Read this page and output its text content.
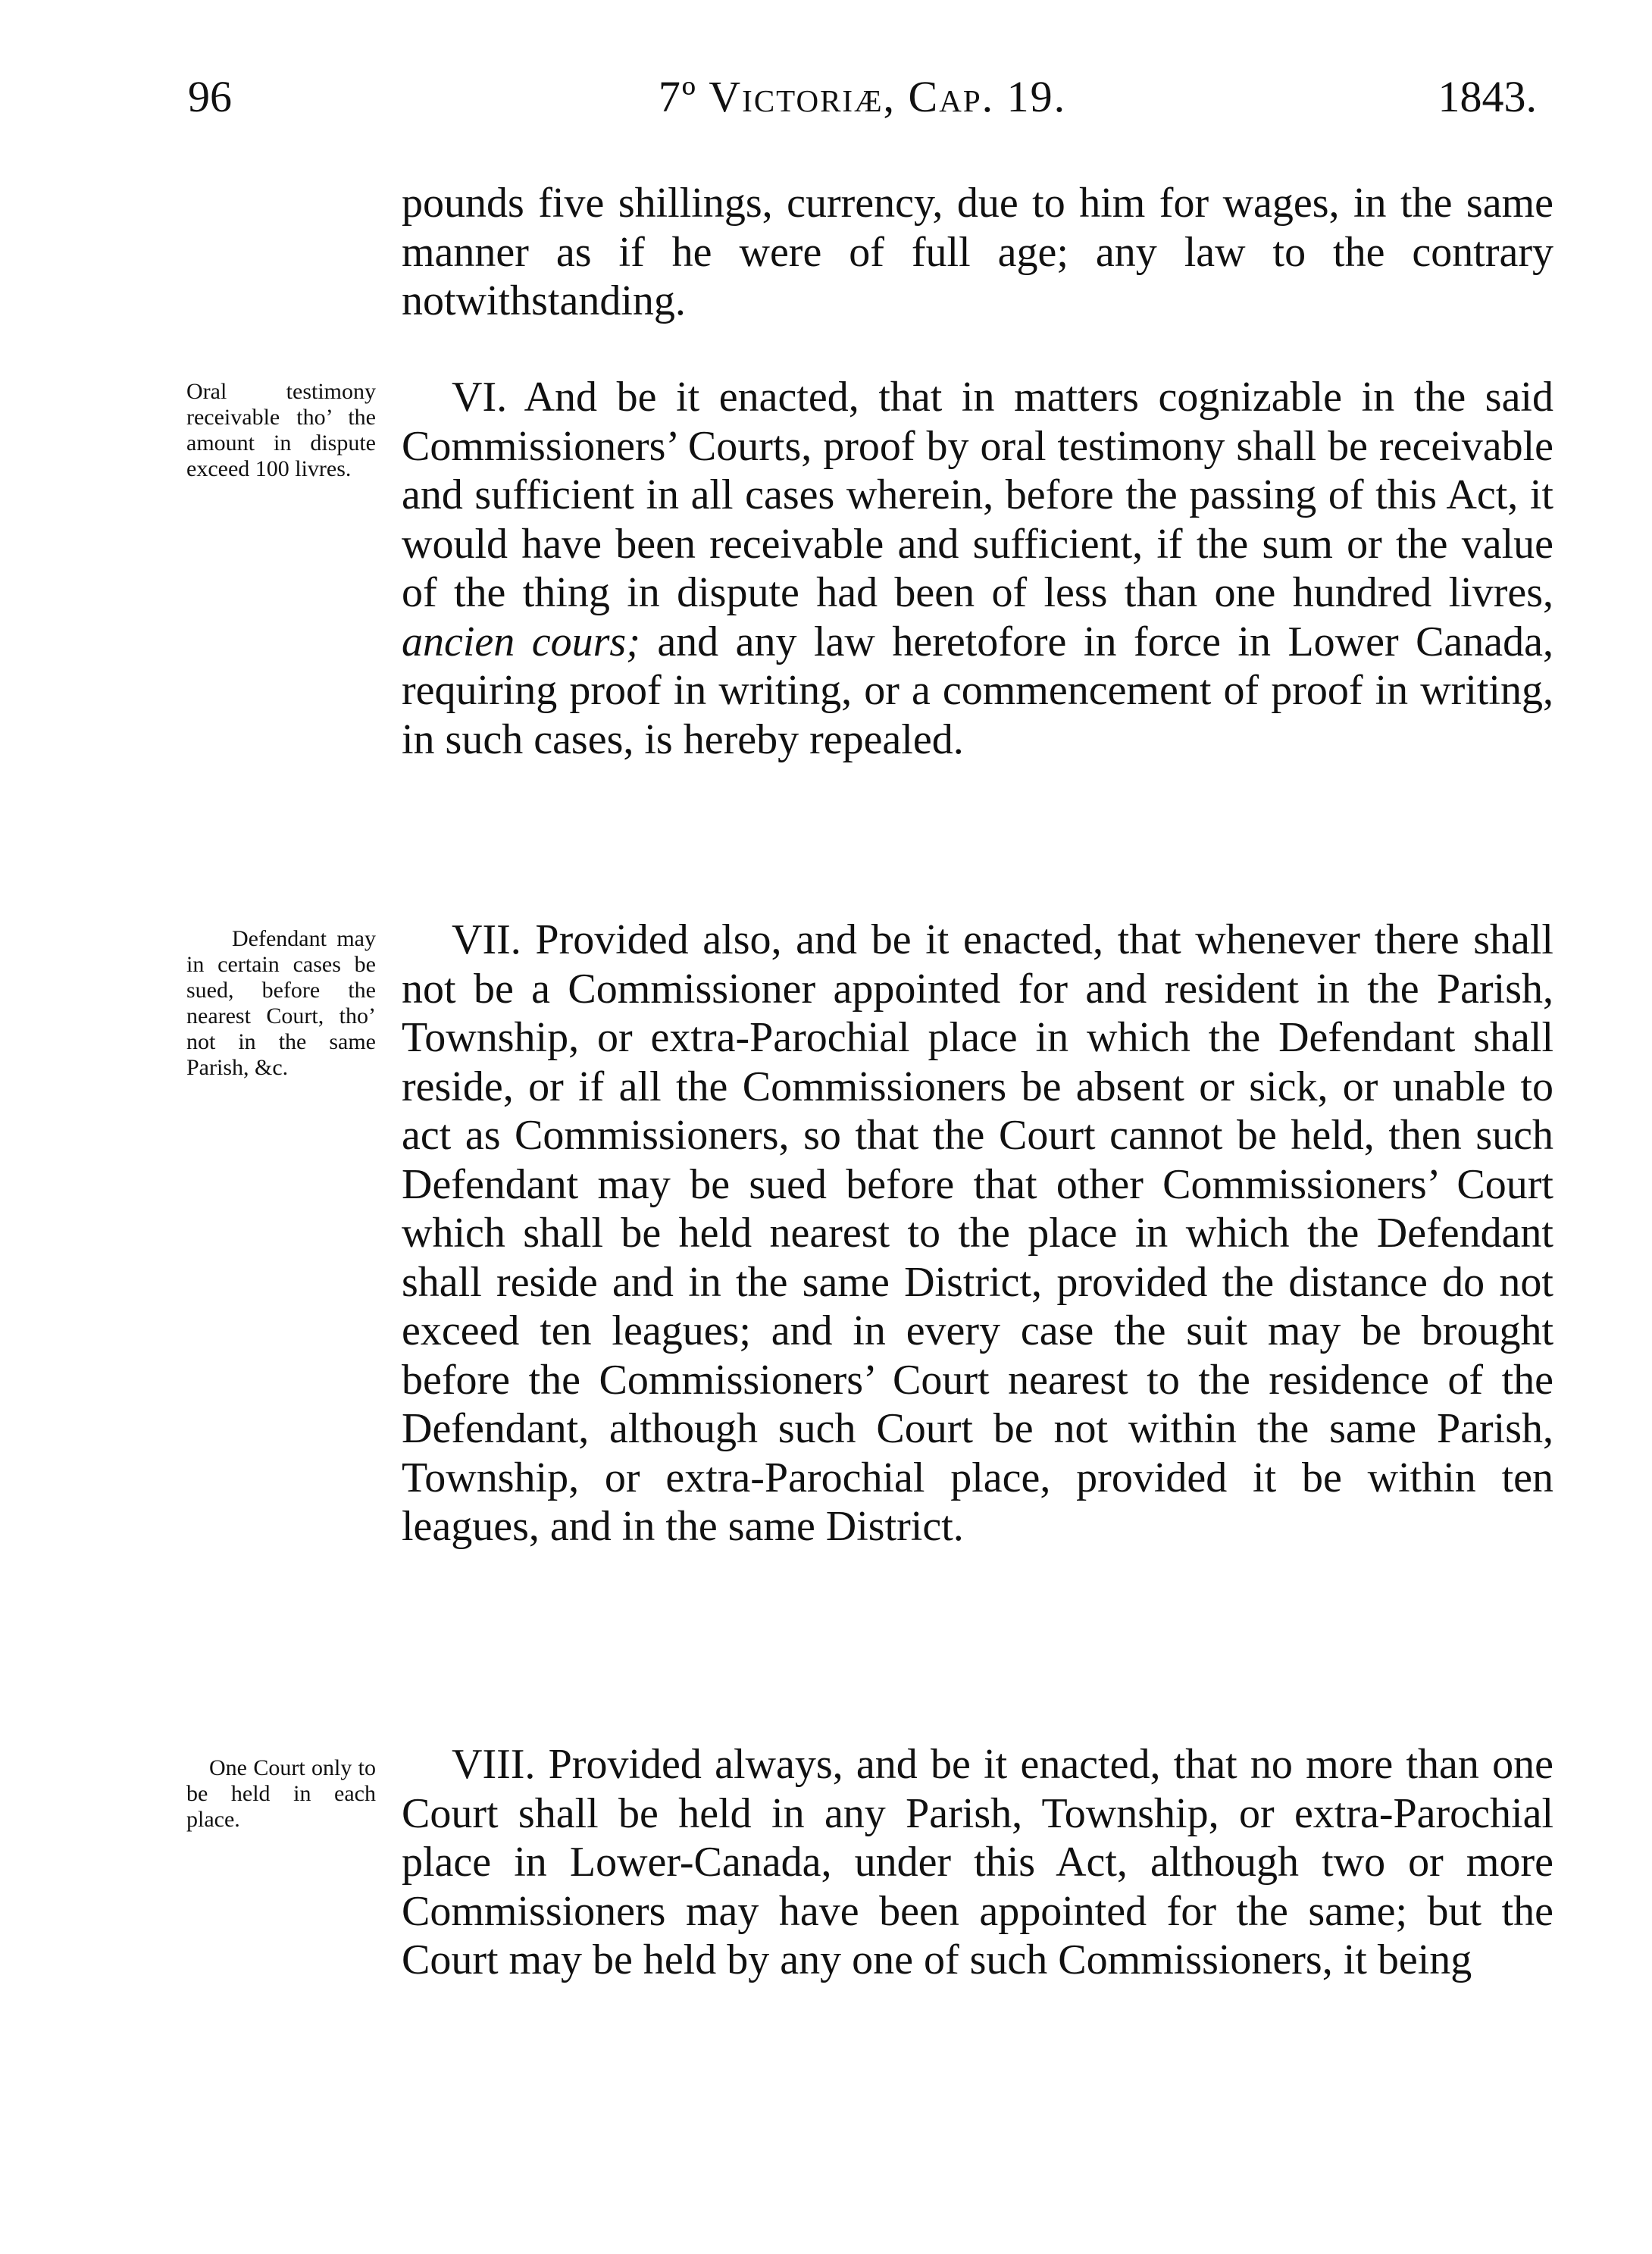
96	7º Victoriæ, Cap. 19.	1843.

pounds five shillings, currency, due to him for wages, in the same manner as if he were of full age; any law to the contrary notwithstanding.

Oral testimony receivable tho’ the amount in dispute exceed 100 livres.

VI. And be it enacted, that in matters cognizable in the said Commissioners’ Courts, proof by oral testimony shall be receivable and sufficient in all cases wherein, before the passing of this Act, it would have been receivable and sufficient, if the sum or the value of the thing in dispute had been of less than one hundred livres, ancien cours; and any law heretofore in force in Lower Canada, requiring proof in writing, or a commencement of proof in writing, in such cases, is hereby repealed.

Defendant may in certain cases be sued, before the nearest Court, tho’ not in the same Parish, &c.

VII. Provided also, and be it enacted, that whenever there shall not be a Commissioner appointed for and resident in the Parish, Township, or extra-Parochial place in which the Defendant shall reside, or if all the Commissioners be absent or sick, or unable to act as Commissioners, so that the Court cannot be held, then such Defendant may be sued before that other Commissioners’ Court which shall be held nearest to the place in which the Defendant shall reside and in the same District, provided the distance do not exceed ten leagues; and in every case the suit may be brought before the Commissioners’ Court nearest to the residence of the Defendant, although such Court be not within the same Parish, Township, or extra-Parochial place, provided it be within ten leagues, and in the same District.

One Court only to be held in each place.

VIII. Provided always, and be it enacted, that no more than one Court shall be held in any Parish, Township, or extra-Parochial place in Lower-Canada, under this Act, although two or more Commissioners may have been appointed for the same; but the Court may be held by any one of such Commissioners, it being
